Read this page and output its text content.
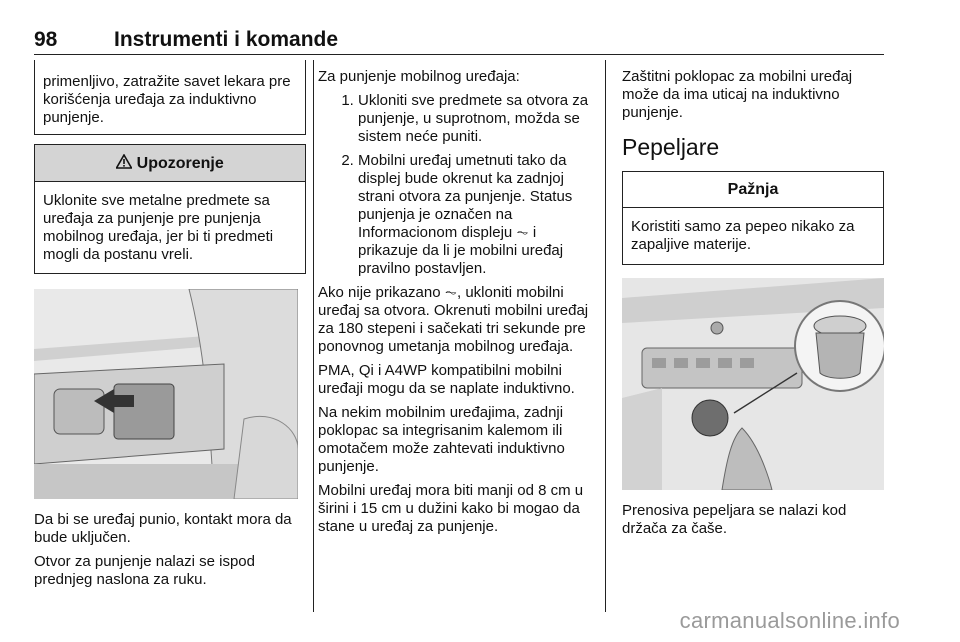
98	Instrumenti i komande
primenljivo, zatražite savet lekara pre korišćenja uređaja za induktivno punjenje.
Upozorenje
Uklonite sve metalne predmete sa uređaja za punjenje pre punjenja mobilnog uređaja, jer bi ti predmeti mogli da postanu vreli.

Da bi se uređaj punio, kontakt mora da bude uključen.

Otvor za punjenje nalazi se ispod prednjeg naslona za ruku.

Za punjenje mobilnog uređaja:

1. Ukloniti sve predmete sa otvora za punjenje, u suprotnom, možda se sistem neće puniti.
2. Mobilni uređaj umetnuti tako da displej bude okrenut ka zadnjoj strani otvora za punjenje. Status punjenja je označen na Informacionom displeju ⏦ i prikazuje da li je mobilni uređaj pravilno postavljen.

Ako nije prikazano ⏦, ukloniti mobilni uređaj sa otvora. Okrenuti mobilni uređaj za 180 stepeni i sačekati tri sekunde pre ponovnog umetanja mobilnog uređaja.

PMA, Qi i A4WP kompatibilni mobilni uređaji mogu da se naplate induktivno.

Na nekim mobilnim uređajima, zadnji poklopac sa integrisanim kalemom ili omotačem može zahtevati induktivno punjenje.

Mobilni uređaj mora biti manji od 8 cm u širini i 15 cm u dužini kako bi mogao da stane u uređaj za punjenje.

Zaštitni poklopac za mobilni uređaj može da ima uticaj na induktivno punjenje.

Pepeljare
Pažnja
Koristiti samo za pepeo nikako za zapaljive materije.

Prenosiva pepeljara se nalazi kod držača za čaše.

carmanualsonline.info
